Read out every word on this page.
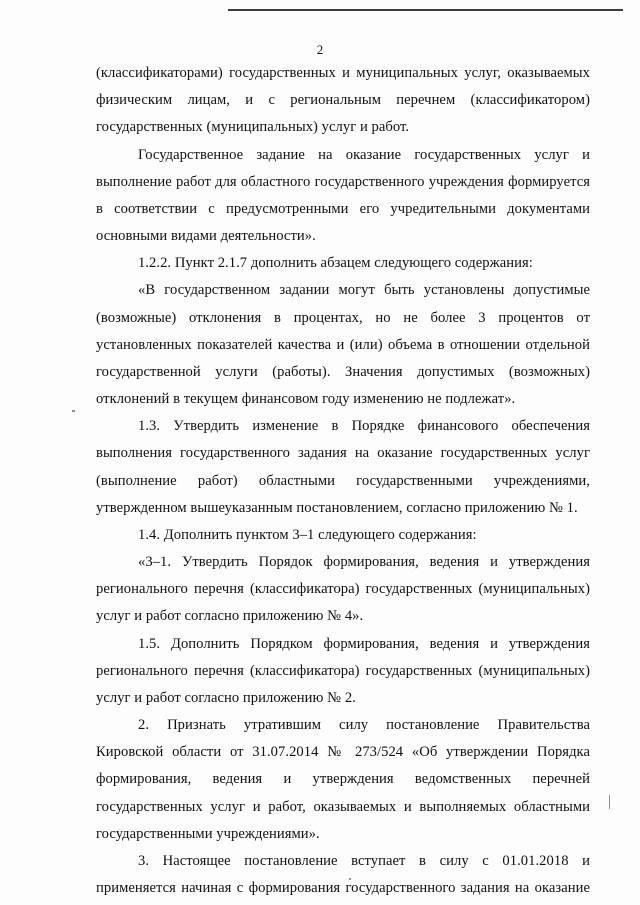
2
(классификаторами) государственных и муниципальных услуг, оказываемых
физическим лицам, и с региональным перечнем (классификатором)
государственных (муниципальных) услуг и работ.
Государственное задание на оказание государственных услуг и
выполнение работ для областного государственного учреждения формируется
в соответствии с предусмотренными его учредительными документами
основными видами деятельности».
1.2.2. Пункт 2.1.7 дополнить абзацем следующего содержания:
«В государственном задании могут быть установлены допустимые
(возможные) отклонения в процентах, но не более 3 процентов от
установленных показателей качества и (или) объема в отношении отдельной
государственной услуги (работы). Значения допустимых (возможных)
отклонений в текущем финансовом году изменению не подлежат».
1.3. Утвердить изменение в Порядке финансового обеспечения
выполнения государственного задания на оказание государственных услуг
(выполнение работ) областными государственными учреждениями,
утвержденном вышеуказанным постановлением, согласно приложению № 1.
1.4. Дополнить пунктом 3–1 следующего содержания:
«3–1. Утвердить Порядок формирования, ведения и утверждения
регионального перечня (классификатора) государственных (муниципальных)
услуг и работ согласно приложению № 4».
1.5. Дополнить Порядком формирования, ведения и утверждения
регионального перечня (классификатора) государственных (муниципальных)
услуг и работ согласно приложению № 2.
2. Признать утратившим силу постановление Правительства
Кировской области от 31.07.2014 № 273/524 «Об утверждении Порядка
формирования, ведения и утверждения ведомственных перечней
государственных услуг и работ, оказываемых и выполняемых областными
государственными учреждениями».
3. Настоящее постановление вступает в силу с 01.01.2018 и
применяется начиная с формирования государственного задания на оказание
